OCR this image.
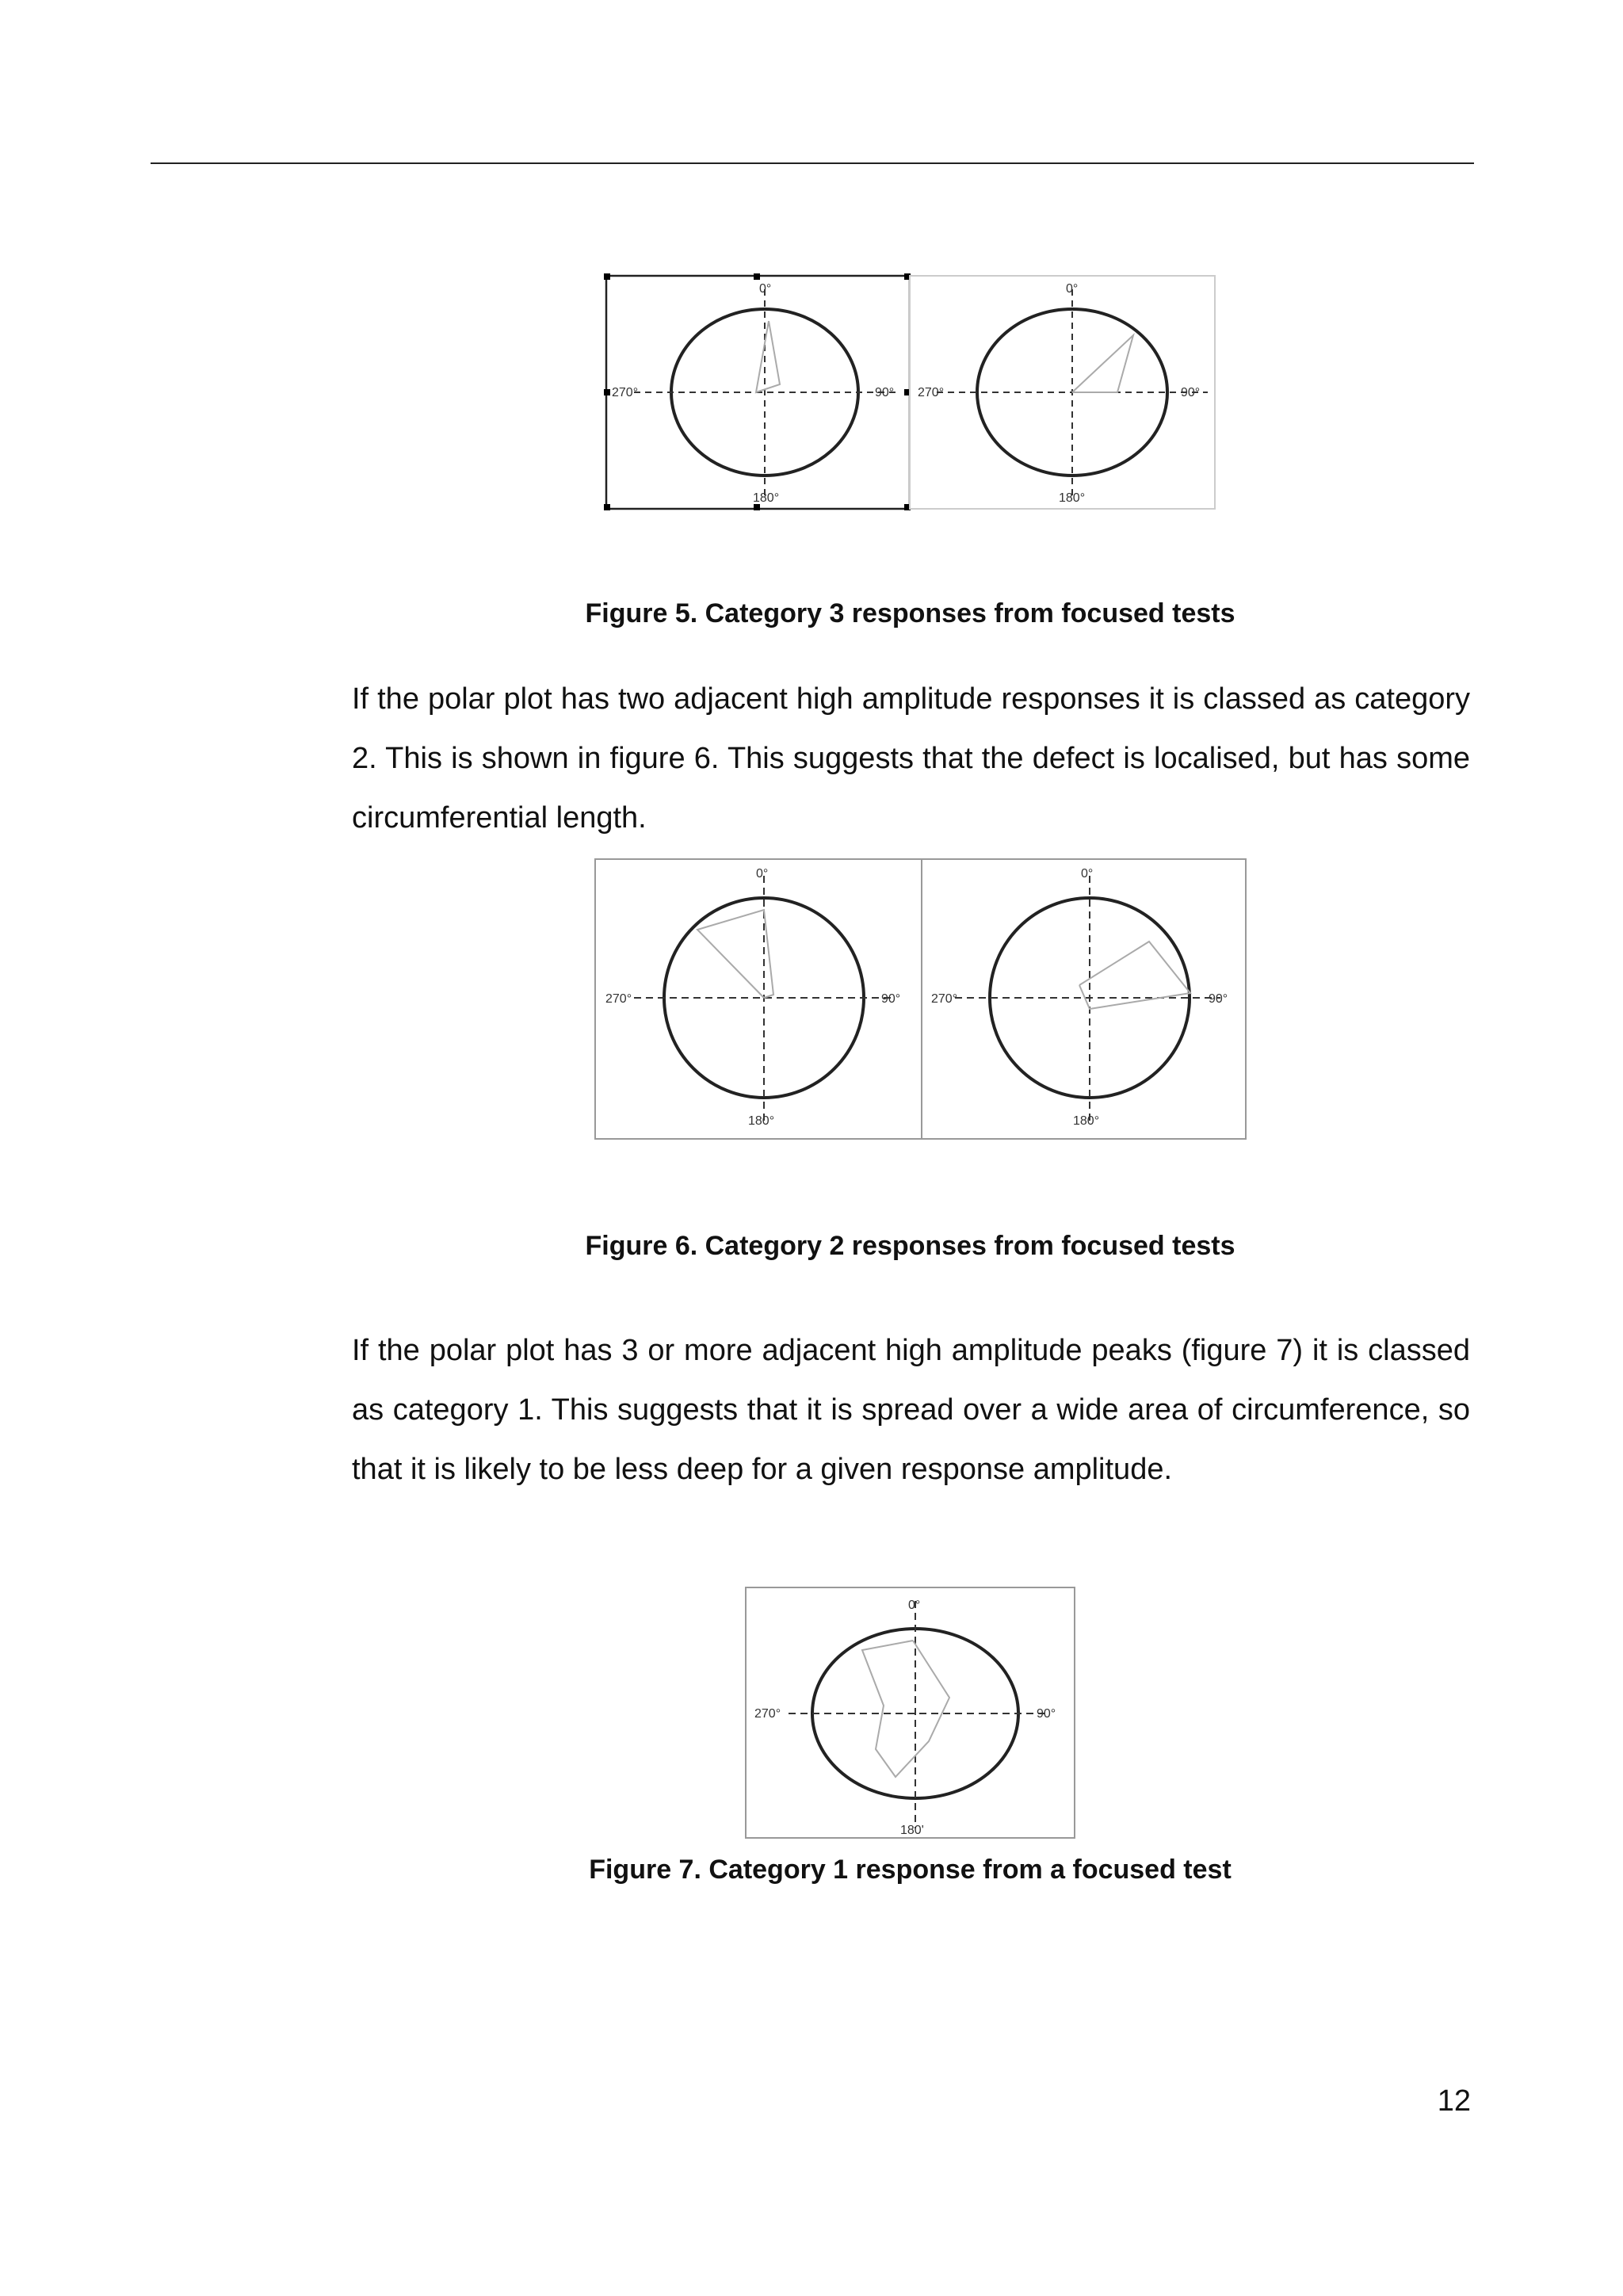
0°
270°	90°
180°
0°
270°	90°
180°
Figure 5. Category 3 responses from focused tests
If the polar plot has two adjacent high amplitude responses it is classed as category 2. This is shown in figure 6. This suggests that the defect is localised, but has some circumferential length.
0°
270°	90°
180°
0°
270°	90°
180°
Figure 6. Category 2 responses from focused tests
If the polar plot has 3 or more adjacent high amplitude peaks (figure 7) it is classed as category 1. This suggests that it is spread over a wide area of circumference, so that it is likely to be less deep for a given response amplitude.
0°
270°	90°
180'
Figure 7. Category 1 response from a focused test
12
